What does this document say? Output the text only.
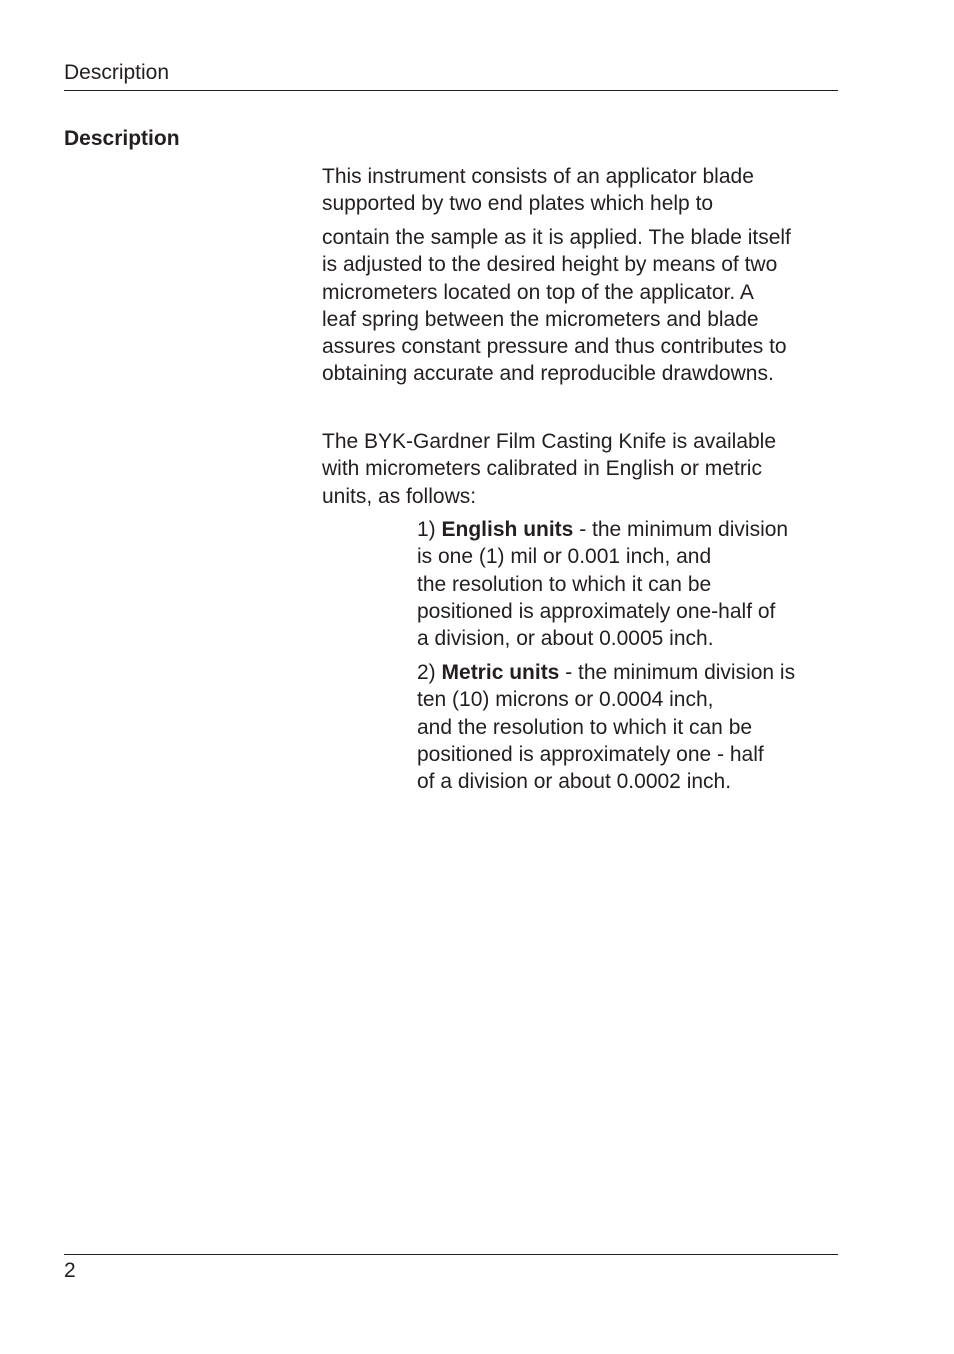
Description
Description
This instrument consists of an applicator blade
supported by two end plates which help to
contain the sample as it is applied. The blade itself
is adjusted to the desired height by means of two
micrometers located on top of the applicator. A
leaf spring between the micrometers and blade
assures constant pressure and thus contributes to
obtaining accurate and reproducible drawdowns.
The BYK-Gardner Film Casting Knife is available
with micrometers calibrated in English or metric
units, as follows:
1) English units - the minimum division
is one (1) mil or 0.001 inch, and
the resolution to which it can be
positioned is approximately one-half of
a division, or about 0.0005 inch.
2) Metric units - the minimum division is
ten (10) microns or 0.0004 inch,
and the resolution to which it can be
positioned is approximately one - half
of a division or about 0.0002 inch.
2
